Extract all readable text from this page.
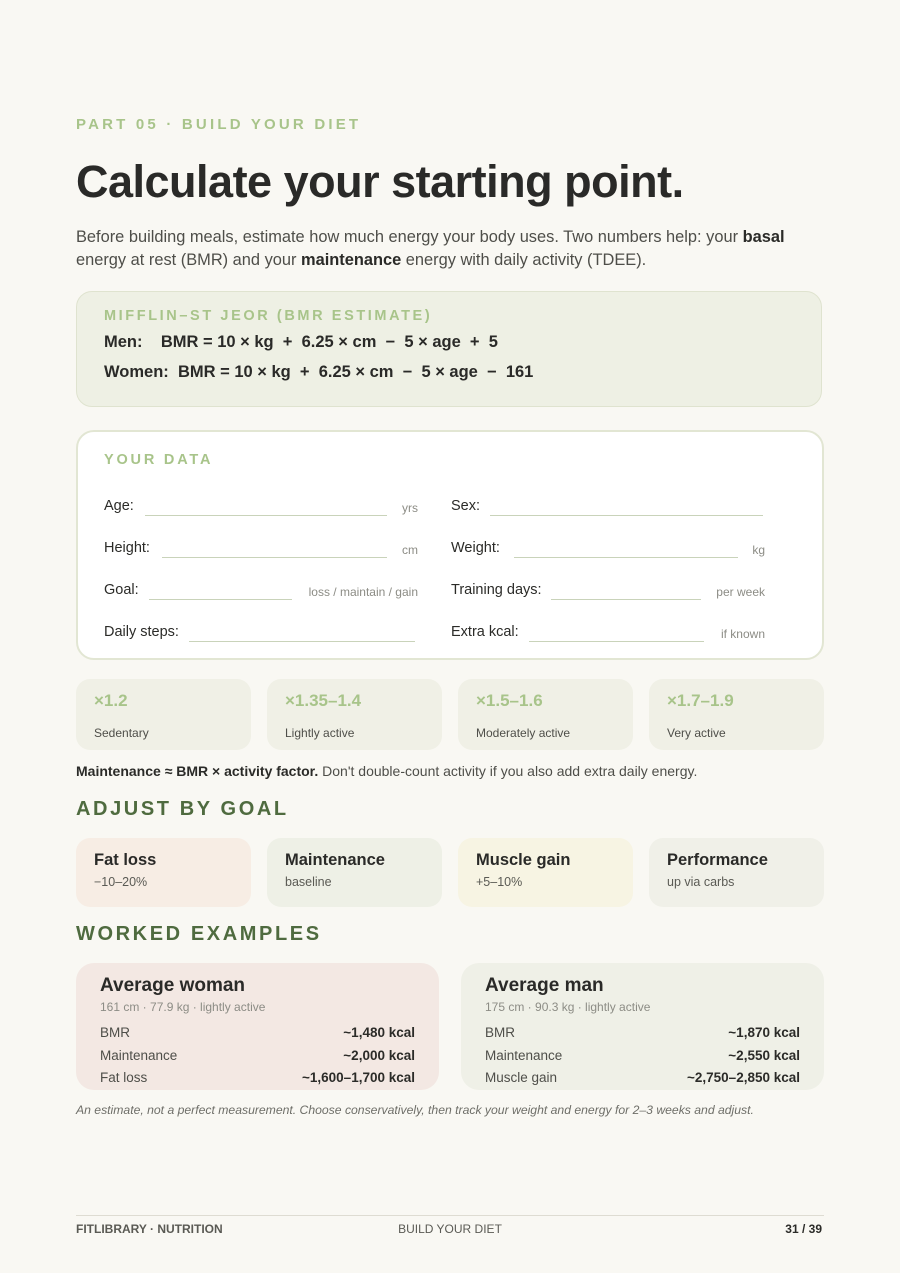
PART 05 · BUILD YOUR DIET
Calculate your starting point.
Before building meals, estimate how much energy your body uses. Two numbers help: your basal energy at rest (BMR) and your maintenance energy with daily activity (TDEE).
MIFFLIN–ST JEOR (BMR ESTIMATE)
Men:    BMR = 10 × kg  +  6.25 × cm  −  5 × age  +  5
Women:  BMR = 10 × kg  +  6.25 × cm  −  5 × age  −  161
YOUR DATA
Age:	yrs Sex:
Height:	cm Weight:	kg
Goal:	loss / maintain / gain Training days:	per week
Daily steps:	Extra kcal:	if known
×1.2
Sedentary
×1.35–1.4
Lightly active
×1.5–1.6
Moderately active
×1.7–1.9
Very active
Maintenance ≈ BMR × activity factor. Don't double-count activity if you also add extra daily energy.
ADJUST BY GOAL
Fat loss
−10–20%
Maintenance
baseline
Muscle gain
+5–10%
Performance
up via carbs
WORKED EXAMPLES
Average woman
161 cm · 77.9 kg · lightly active
BMR	~1,480 kcal
Maintenance	~2,000 kcal
Fat loss	~1,600–1,700 kcal
Average man
175 cm · 90.3 kg · lightly active
BMR	~1,870 kcal
Maintenance	~2,550 kcal
Muscle gain	~2,750–2,850 kcal
An estimate, not a perfect measurement. Choose conservatively, then track your weight and energy for 2–3 weeks and adjust.
FITLIBRARY · NUTRITION	BUILD YOUR DIET	31 / 39
